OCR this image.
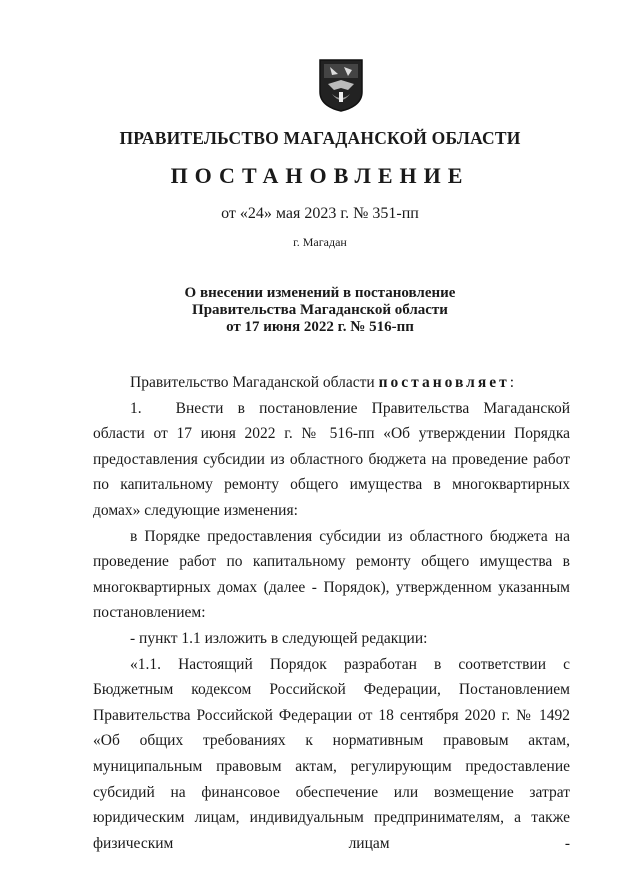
ПРАВИТЕЛЬСТВО МАГАДАНСКОЙ ОБЛАСТИ
ПОСТАНОВЛЕНИЕ
от «24» мая 2023 г. № 351-пп
г. Магадан
О внесении изменений в постановление
Правительства Магаданской области
от 17 июня 2022 г. № 516-пп

Правительство Магаданской области постановляет:

1. Внести в постановление Правительства Магаданской области от 17 июня 2022 г. № 516-пп «Об утверждении Порядка предоставления субсидии из областного бюджета на проведение работ по капитальному ремонту общего имущества в многоквартирных домах» следующие изменения:

в Порядке предоставления субсидии из областного бюджета на проведение работ по капитальному ремонту общего имущества в многоквартирных домах (далее - Порядок), утвержденном указанным постановлением:

- пункт 1.1 изложить в следующей редакции:

«1.1. Настоящий Порядок разработан в соответствии с Бюджетным кодексом Российской Федерации, Постановлением Правительства Российской Федерации от 18 сентября 2020 г. № 1492 «Об общих требованиях к нормативным правовым актам, муниципальным правовым актам, регулирующим предоставление субсидий на финансовое обеспечение или возмещение затрат юридическим лицам, индивидуальным предпринимателям, а также физическим лицам -
